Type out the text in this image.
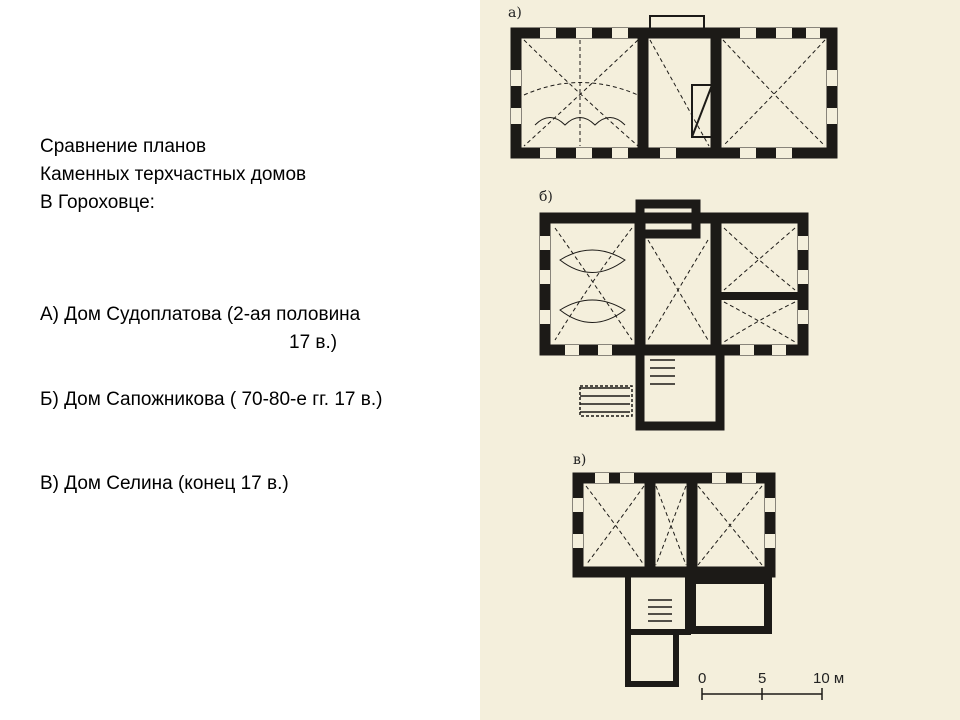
Сравнение планов

Каменных терхчастных домов

В Гороховце:

А) Дом Судоплатова (2-ая половина

17 в.)

Б) Дом Сапожникова ( 70-80-е гг. 17 в.)

В) Дом Селина (конец 17 в.)

а)
б)
в)
0	5	10 м
